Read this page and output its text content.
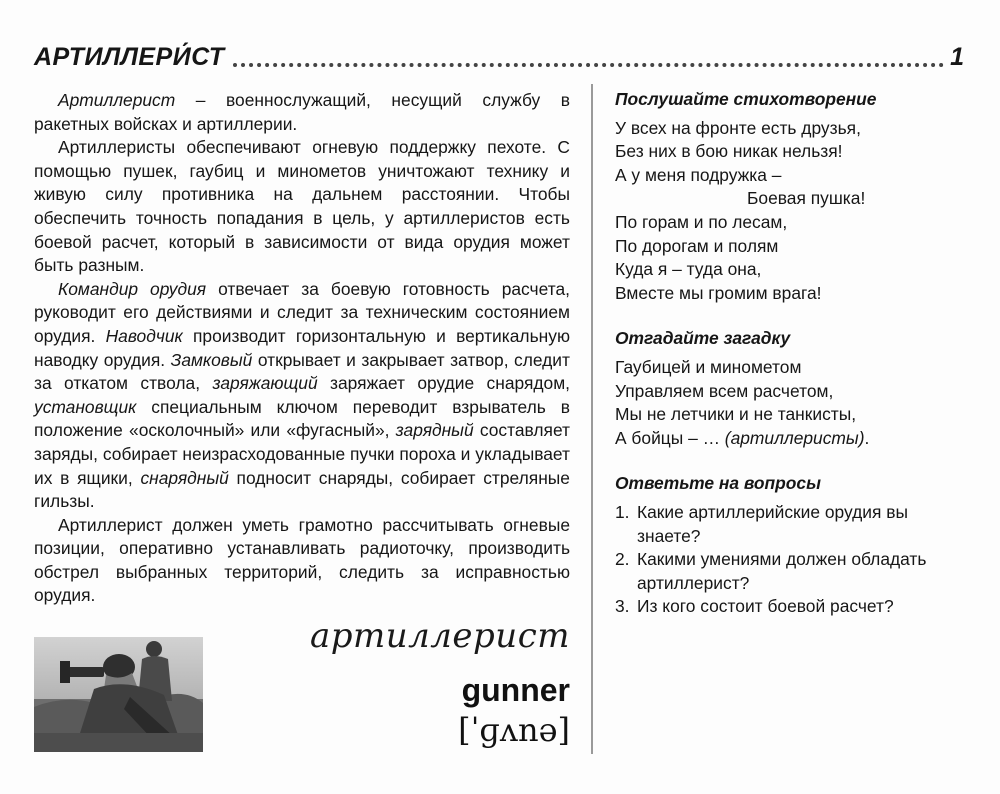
АРТИЛЛЕРИ́СТ	1

Артиллерист – военнослужащий, несущий службу в ракетных войсках и артиллерии.

Артиллеристы обеспечивают огневую поддержку пехоте. С помощью пушек, гаубиц и минометов уничтожают технику и живую силу противника на дальнем расстоянии. Чтобы обеспечить точность попадания в цель, у артиллеристов есть боевой расчет, который в зависимости от вида орудия может быть разным.

Командир орудия отвечает за боевую готовность расчета, руководит его действиями и следит за техническим состоянием орудия. Наводчик производит горизонтальную и вертикальную наводку орудия. Замковый открывает и закрывает затвор, следит за откатом ствола, заряжающий заряжает орудие снарядом, установщик специальным ключом переводит взрыватель в положение «осколочный» или «фугасный», зарядный составляет заряды, собирает неизрасходованные пучки пороха и укладывает их в ящики, снарядный подносит снаряды, собирает стреляные гильзы.

Артиллерист должен уметь грамотно рассчитывать огневые позиции, оперативно устанавливать радиоточку, производить обстрел выбранных территорий, следить за исправностью орудия.

Послушайте стихотворение
У всех на фронте есть друзья,
Без них в бою никак нельзя!
А у меня подружка –
Боевая пушка!
По горам и по лесам,
По дорогам и полям
Куда я – туда она,
Вместе мы громим врага!
Отгадайте загадку
Гаубицей и минометом
Управляем всем расчетом,
Мы не летчики и не танкисты,
А бойцы – … (артиллеристы).
Ответьте на вопросы
1. Какие артиллерийские орудия вы знаете?
2. Какими умениями должен обладать артиллерист?
3. Из кого состоит боевой расчет?
артиллерист
gunner
[ˈɡʌnə]
